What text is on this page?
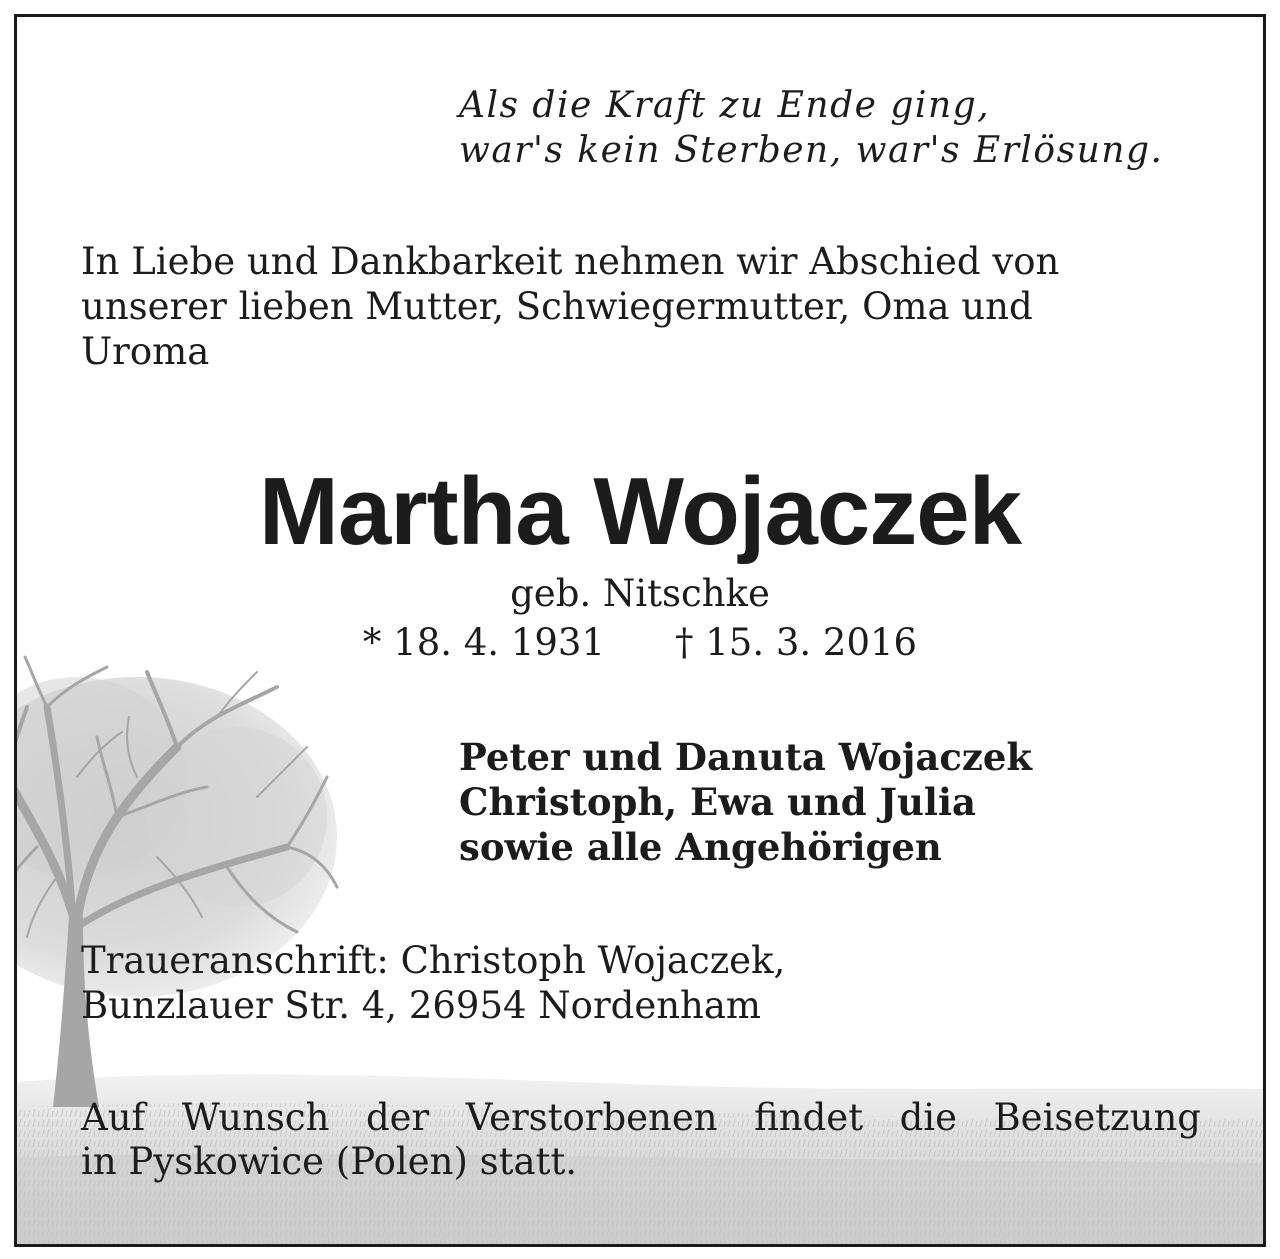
Als die Kraft zu Ende ging,
war's kein Sterben, war's Erlösung.
In Liebe und Dankbarkeit nehmen wir Abschied von
unserer lieben Mutter, Schwiegermutter, Oma und
Uroma
Martha Wojaczek
geb. Nitschke
* 18. 4. 1931 † 15. 3. 2016
Peter und Danuta Wojaczek
Christoph, Ewa und Julia
sowie alle Angehörigen
Traueranschrift: Christoph Wojaczek,
Bunzlauer Str. 4, 26954 Nordenham
Auf Wunsch der Verstorbenen findet die Beisetzung
in Pyskowice (Polen) statt.
